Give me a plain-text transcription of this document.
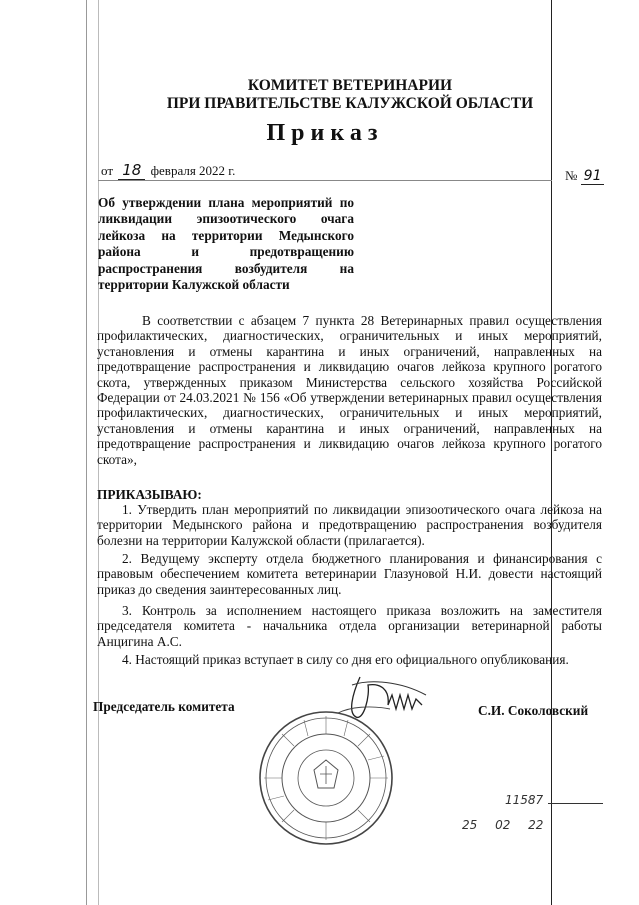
КОМИТЕТ ВЕТЕРИНАРИИ
ПРИ ПРАВИТЕЛЬСТВЕ КАЛУЖСКОЙ ОБЛАСТИ
Приказ
от 18 февраля 2022 г.	№ 91
Об утверждении плана мероприятий по ликвидации эпизоотического очага лейкоза на территории Медынского района и предотвращению распространения возбудителя на территории Калужской области
В соответствии с абзацем 7 пункта 28 Ветеринарных правил осуществления профилактических, диагностических, ограничительных и иных мероприятий, установления и отмены карантина и иных ограничений, направленных на предотвращение распространения и ликвидацию очагов лейкоза крупного рогатого скота, утвержденных приказом Министерства сельского хозяйства Российской Федерации от 24.03.2021 № 156 «Об утверждении ветеринарных правил осуществления профилактических, диагностических, ограничительных и иных мероприятий, установления и отмены карантина и иных ограничений, направленных на предотвращение распространения и ликвидацию очагов лейкоза крупного рогатого скота»,
ПРИКАЗЫВАЮ:
1. Утвердить план мероприятий по ликвидации эпизоотического очага лейкоза на территории Медынского района и предотвращению распространения возбудителя болезни на территории Калужской области (прилагается).
2. Ведущему эксперту отдела бюджетного планирования и финансирования с правовым обеспечением комитета ветеринарии Глазуновой Н.И. довести настоящий приказ до сведения заинтересованных лиц.
3. Контроль за исполнением настоящего приказа возложить на заместителя председателя комитета - начальника отдела организации ветеринарной работы Анцигина А.С.
4. Настоящий приказ вступает в силу со дня его официального опубликования.
Председатель комитета	С.И. Соколовский
11587
25 02 22
